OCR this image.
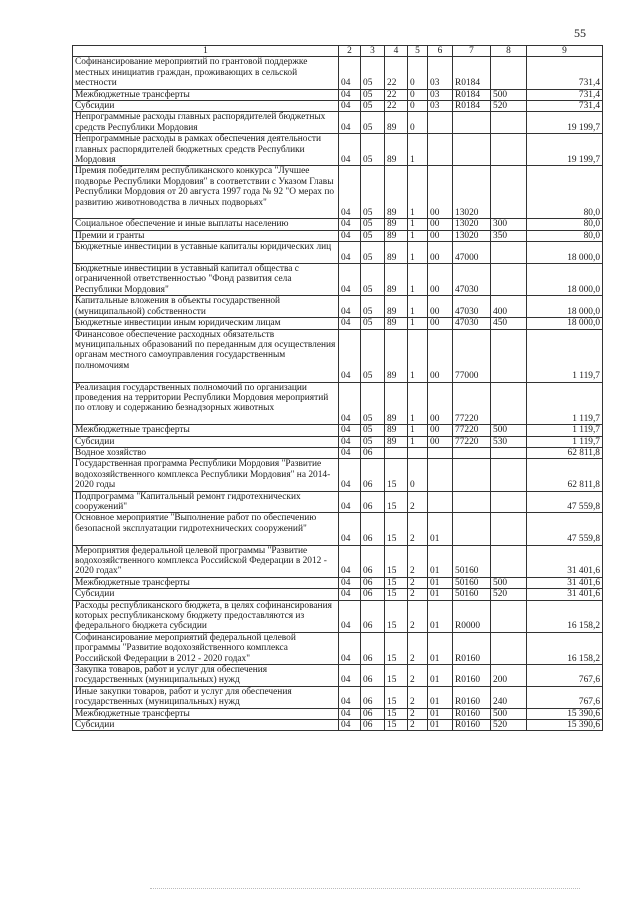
55
1	2	3	4	5	6	7	8	9
Софинансирование мероприятий по грантовой поддержке местных инициатив граждан, проживающих в сельской местности	04	05	22	0	03	R0184		731,4
Межбюджетные трансферты	04	05	22	0	03	R0184	500	731,4
Субсидии	04	05	22	0	03	R0184	520	731,4
Непрограммные расходы главных распорядителей бюджетных средств Республики Мордовия	04	05	89	0				19 199,7
Непрограммные расходы в рамках обеспечения деятельности главных распорядителей бюджетных средств Республики Мордовия	04	05	89	1				19 199,7
Премия победителям республиканского конкурса "Лучшее подворье Республики Мордовия" в соответствии с Указом Главы Республики Мордовия от 20 августа 1997 года № 92 "О мерах по развитию животноводства в личных подворьях"	04	05	89	1	00	13020		80,0
Социальное обеспечение и иные выплаты населению	04	05	89	1	00	13020	300	80,0
Премии и гранты	04	05	89	1	00	13020	350	80,0
Бюджетные инвестиции в уставные капиталы юридических лиц	04	05	89	1	00	47000		18 000,0
Бюджетные инвестиции в уставный капитал общества с ограниченной ответственностью "Фонд развития села Республики Мордовия"	04	05	89	1	00	47030		18 000,0
Капитальные вложения в объекты государственной (муниципальной) собственности	04	05	89	1	00	47030	400	18 000,0
Бюджетные инвестиции иным юридическим лицам	04	05	89	1	00	47030	450	18 000,0
Финансовое обеспечение расходных обязательств муниципальных образований по переданным для осуществления органам местного самоуправления государственным полномочиям	04	05	89	1	00	77000		1 119,7
Реализация государственных полномочий по организации проведения на территории Республики Мордовия мероприятий по отлову и содержанию безнадзорных животных	04	05	89	1	00	77220		1 119,7
Межбюджетные трансферты	04	05	89	1	00	77220	500	1 119,7
Субсидии	04	05	89	1	00	77220	530	1 119,7
Водное хозяйство	04	06						62 811,8
Государственная программа Республики Мордовия "Развитие водохозяйственного комплекса Республики Мордовия" на 2014-2020 годы	04	06	15	0				62 811,8
Подпрограмма "Капитальный ремонт гидротехнических сооружений"	04	06	15	2				47 559,8
Основное мероприятие "Выполнение работ по обеспечению безопасной эксплуатации гидротехнических сооружений"	04	06	15	2	01			47 559,8
Мероприятия федеральной целевой программы "Развитие водохозяйственного комплекса Российской Федерации в 2012 - 2020 годах"	04	06	15	2	01	50160		31 401,6
Межбюджетные трансферты	04	06	15	2	01	50160	500	31 401,6
Субсидии	04	06	15	2	01	50160	520	31 401,6
Расходы республиканского бюджета, в целях софинансирования которых республиканскому бюджету предоставляются из федерального бюджета субсидии	04	06	15	2	01	R0000		16 158,2
Софинансирование мероприятий федеральной целевой программы "Развитие водохозяйственного комплекса Российской Федерации в 2012 - 2020 годах"	04	06	15	2	01	R0160		16 158,2
Закупка товаров, работ и услуг для обеспечения государственных (муниципальных) нужд	04	06	15	2	01	R0160	200	767,6
Иные закупки товаров, работ и услуг для обеспечения государственных (муниципальных) нужд	04	06	15	2	01	R0160	240	767,6
Межбюджетные трансферты	04	06	15	2	01	R0160	500	15 390,6
Субсидии	04	06	15	2	01	R0160	520	15 390,6
